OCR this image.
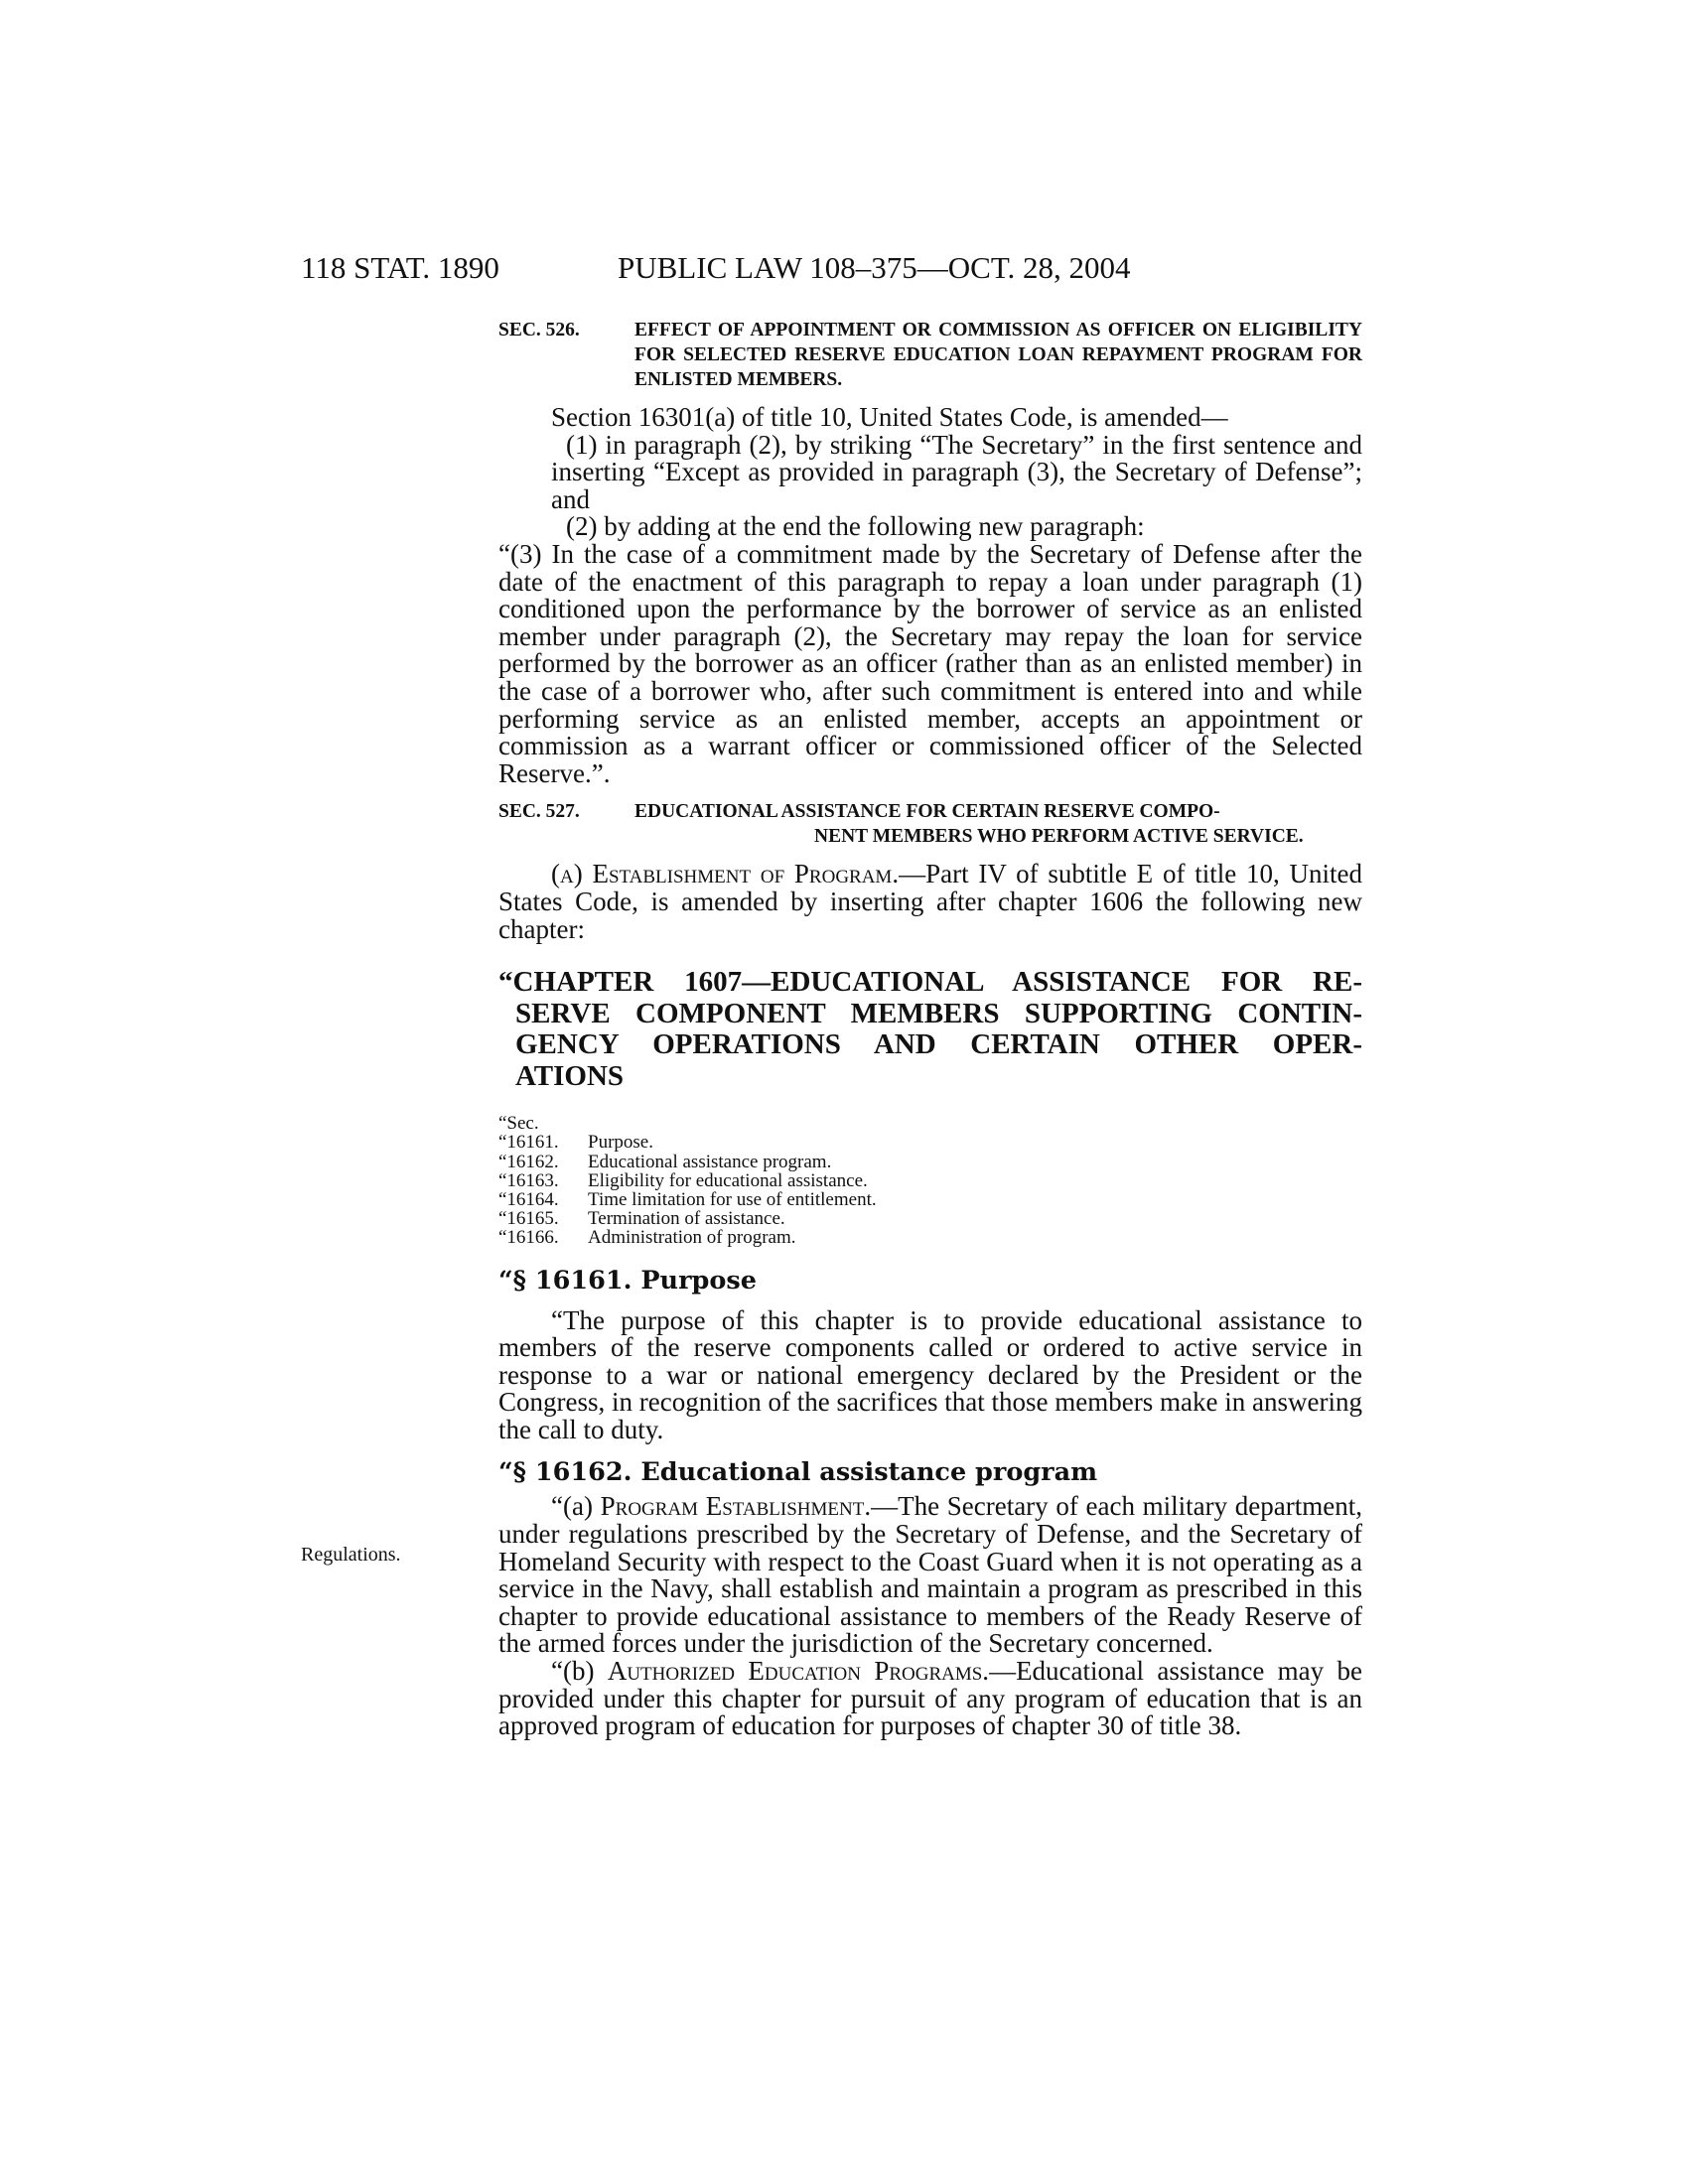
118 STAT. 1890	PUBLIC LAW 108–375—OCT. 28, 2004
Regulations.
SEC. 526.	EFFECT OF APPOINTMENT OR COMMISSION AS OFFICER ON ELIGIBILITY FOR SELECTED RESERVE EDUCATION LOAN REPAYMENT PROGRAM FOR ENLISTED MEMBERS.

Section 16301(a) of title 10, United States Code, is amended—

(1) in paragraph (2), by striking “The Secretary” in the first sentence and inserting “Except as provided in paragraph (3), the Secretary of Defense”; and

(2) by adding at the end the following new paragraph:

“(3) In the case of a commitment made by the Secretary of Defense after the date of the enactment of this paragraph to repay a loan under paragraph (1) conditioned upon the performance by the borrower of service as an enlisted member under paragraph (2), the Secretary may repay the loan for service performed by the borrower as an officer (rather than as an enlisted member) in the case of a borrower who, after such commitment is entered into and while performing service as an enlisted member, accepts an appointment or commission as a warrant officer or commissioned officer of the Selected Reserve.”.

SEC. 527.	EDUCATIONAL ASSISTANCE FOR CERTAIN RESERVE COMPO-
NENT MEMBERS WHO PERFORM ACTIVE SERVICE.

(a) Establishment of Program.—Part IV of subtitle E of title 10, United States Code, is amended by inserting after chapter 1606 the following new chapter:

“CHAPTER 1607—EDUCATIONAL ASSISTANCE FOR RE-
SERVE COMPONENT MEMBERS SUPPORTING CONTIN-
GENCY OPERATIONS AND CERTAIN OTHER OPER-
ATIONS
“Sec.
“16161. Purpose.
“16162. Educational assistance program.
“16163. Eligibility for educational assistance.
“16164. Time limitation for use of entitlement.
“16165. Termination of assistance.
“16166. Administration of program.
“§ 16161. Purpose

“The purpose of this chapter is to provide educational assistance to members of the reserve components called or ordered to active service in response to a war or national emergency declared by the President or the Congress, in recognition of the sacrifices that those members make in answering the call to duty.

“§ 16162. Educational assistance program

“(a) Program Establishment.—The Secretary of each military department, under regulations prescribed by the Secretary of Defense, and the Secretary of Homeland Security with respect to the Coast Guard when it is not operating as a service in the Navy, shall establish and maintain a program as prescribed in this chapter to provide educational assistance to members of the Ready Reserve of the armed forces under the jurisdiction of the Secretary concerned.

“(b) Authorized Education Programs.—Educational assistance may be provided under this chapter for pursuit of any program of education that is an approved program of education for purposes of chapter 30 of title 38.
